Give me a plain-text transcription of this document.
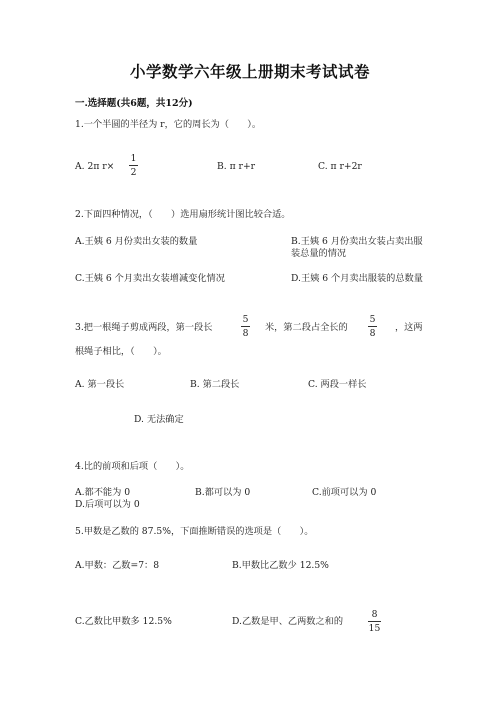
小学数学六年级上册期末考试试卷
一.选择题(共6题，共12分)
1.一个半圆的半径为 r，它的周长为（　　）。
A. 2π r×
1
2
B. π r+r	C. π r+2r
2.下面四种情况，（　　）选用扇形统计图比较合适。
A.王姨 6 月份卖出女装的数量	B.王姨 6 月份卖出女装占卖出服装总量的情况
C.王姨 6 个月卖出女装增减变化情况	D.王姨 6 个月卖出服装的总数量
3.把一根绳子剪成两段，第一段长
5
8
米，第二段占全长的
5
8
，这两
根绳子相比，（　　）。
A. 第一段长	B. 第二段长	C. 两段一样长
D. 无法确定
4.比的前项和后项（　　）。
A.都不能为 0	B.都可以为 0	C.前项可以为 0
D.后项可以为 0
5.甲数是乙数的 87.5%，下面推断错误的选项是（　　）。
A.甲数：乙数=7：8	B.甲数比乙数少 12.5%
C.乙数比甲数多 12.5%	D.乙数是甲、乙两数之和的
8
15
